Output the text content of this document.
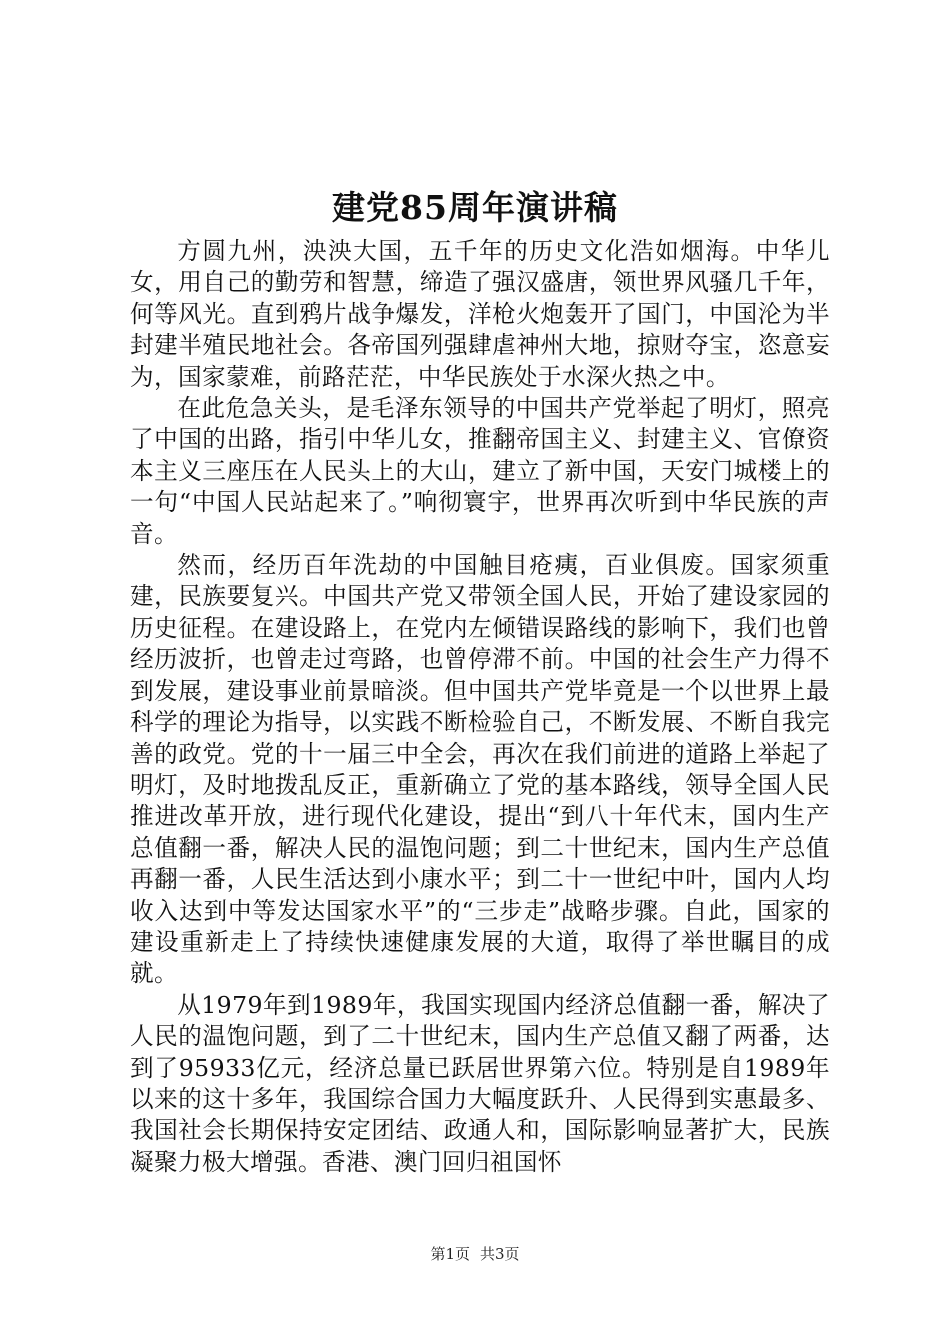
建党85周年演讲稿

方圆九州，泱泱大国，五千年的历史文化浩如烟海。中华儿女，用自己的勤劳和智慧，缔造了强汉盛唐，领世界风骚几千年，何等风光。直到鸦片战争爆发，洋枪火炮轰开了国门，中国沦为半封建半殖民地社会。各帝国列强肆虐神州大地，掠财夺宝，恣意妄为，国家蒙难，前路茫茫，中华民族处于水深火热之中。

在此危急关头，是毛泽东领导的中国共产党举起了明灯，照亮了中国的出路，指引中华儿女，推翻帝国主义、封建主义、官僚资本主义三座压在人民头上的大山，建立了新中国，天安门城楼上的一句“中国人民站起来了。”响彻寰宇，世界再次听到中华民族的声音。

然而，经历百年洗劫的中国触目疮痍，百业俱废。国家须重建，民族要复兴。中国共产党又带领全国人民，开始了建设家园的历史征程。在建设路上，在党内左倾错误路线的影响下，我们也曾经历波折，也曾走过弯路，也曾停滞不前。中国的社会生产力得不到发展，建设事业前景暗淡。但中国共产党毕竟是一个以世界上最科学的理论为指导，以实践不断检验自己，不断发展、不断自我完善的政党。党的十一届三中全会，再次在我们前进的道路上举起了明灯，及时地拨乱反正，重新确立了党的基本路线，领导全国人民推进改革开放，进行现代化建设，提出“到八十年代末，国内生产总值翻一番，解决人民的温饱问题；到二十世纪末，国内生产总值再翻一番，人民生活达到小康水平；到二十一世纪中叶，国内人均收入达到中等发达国家水平”的“三步走”战略步骤。自此，国家的建设重新走上了持续快速健康发展的大道，取得了举世瞩目的成就。

从1979年到1989年，我国实现国内经济总值翻一番，解决了人民的温饱问题，到了二十世纪末，国内生产总值又翻了两番，达到了95933亿元，经济总量已跃居世界第六位。特别是自1989年以来的这十多年，我国综合国力大幅度跃升、人民得到实惠最多、我国社会长期保持安定团结、政通人和，国际影响显著扩大，民族凝聚力极大增强。香港、澳门回归祖国怀

第1页 共3页
